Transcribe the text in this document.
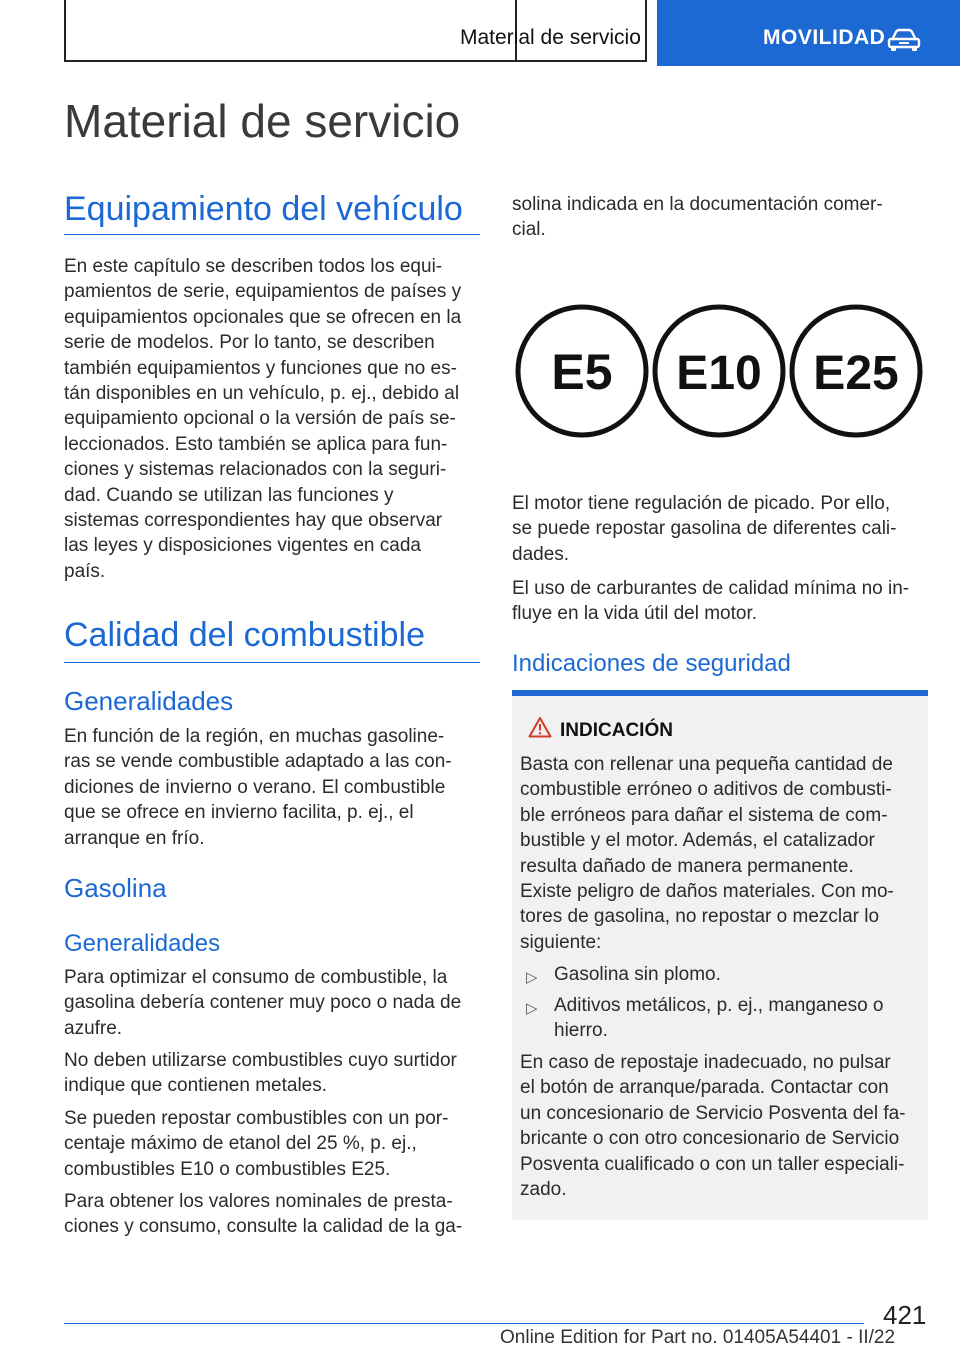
Material de servicio	MOVILIDAD
Material de servicio
Equipamiento del vehículo
En este capítulo se describen todos los equi‐
pamientos de serie, equipamientos de países y
equipamientos opcionales que se ofrecen en la
serie de modelos. Por lo tanto, se describen
también equipamientos y funciones que no es‐
tán disponibles en un vehículo, p. ej., debido al
equipamiento opcional o la versión de país se‐
leccionados. Esto también se aplica para fun‐
ciones y sistemas relacionados con la seguri‐
dad. Cuando se utilizan las funciones y
sistemas correspondientes hay que observar
las leyes y disposiciones vigentes en cada
país.
Calidad del combustible
Generalidades
En función de la región, en muchas gasoline‐
ras se vende combustible adaptado a las con‐
diciones de invierno o verano. El combustible
que se ofrece en invierno facilita, p. ej., el
arranque en frío.
Gasolina
Generalidades
Para optimizar el consumo de combustible, la
gasolina debería contener muy poco o nada de
azufre.
No deben utilizarse combustibles cuyo surtidor
indique que contienen metales.
Se pueden repostar combustibles con un por‐
centaje máximo de etanol del 25 %, p. ej.,
combustibles E10 o combustibles E25.
Para obtener los valores nominales de presta‐
ciones y consumo, consulte la calidad de la ga‐
solina indicada en la documentación comer‐
cial.
E5 E10 E25
El motor tiene regulación de picado. Por ello,
se puede repostar gasolina de diferentes cali‐
dades.
El uso de carburantes de calidad mínima no in‐
fluye en la vida útil del motor.
Indicaciones de seguridad
INDICACIÓN
Basta con rellenar una pequeña cantidad de
combustible erróneo o aditivos de combusti‐
ble erróneos para dañar el sistema de com‐
bustible y el motor. Además, el catalizador
resulta dañado de manera permanente.
Existe peligro de daños materiales. Con mo‐
tores de gasolina, no repostar o mezclar lo
siguiente:
▷ Gasolina sin plomo.
▷ Aditivos metálicos, p. ej., manganeso o
hierro.
En caso de repostaje inadecuado, no pulsar
el botón de arranque/parada. Contactar con
un concesionario de Servicio Posventa del fa‐
bricante o con otro concesionario de Servicio
Posventa cualificado o con un taller especiali‐
zado.
421
Online Edition for Part no. 01405A54401 - II/22
